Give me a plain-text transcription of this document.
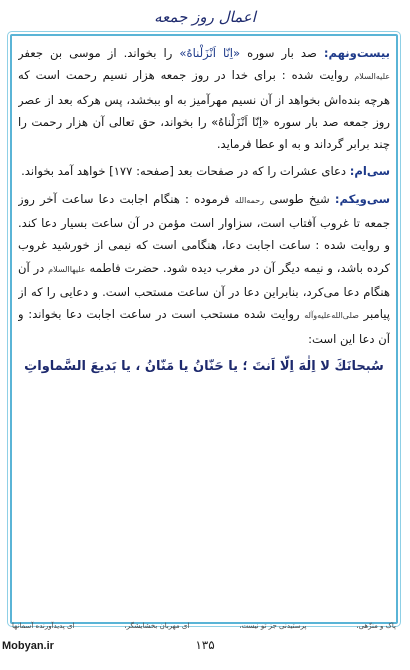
اعمال روز جمعه

بیست‌ونهم: صد بار سوره «اِنّا اَنْزَلْناهُ» را بخواند. از موسی بن جعفر عليه‌السلام روایت شده : برای خدا در روز جمعه هزار نسیم رحمت است که هرچه بنده‌اش بخواهد از آن نسیم مهرآمیز به او ببخشد، پس هرکه بعد از عصر روز جمعه صد بار سوره «اِنّا اَنْزَلْناهُ» را بخواند، حق تعالی آن هزار رحمت را چند برابر گرداند و به او عطا فرماید.

سی‌ام: دعای عشرات را که در صفحات بعد [صفحه: ۱۷۷] خواهد آمد بخواند.

سی‌ویکم: شیخ طوسی رحمه‌الله فرموده : هنگام اجابت دعا ساعت آخر روز جمعه تا غروب آفتاب است، سزاوار است مؤمن در آن ساعت بسیار دعا کند. و روایت شده : ساعت اجابت دعا، هنگامی است که نیمی از خورشید غروب کرده باشد، و نیمه دیگر آن در مغرب دیده شود. حضرت فاطمه عليها‌السلام در آن هنگام دعا می‌کرد، بنابراین دعا در آن ساعت مستحب است. و دعایی را که از پیامبر صلى‌الله‌عليه‌وآله روایت شده مستحب است در ساعت اجابت دعا بخواند: و آن دعا این است:

سُبحانَكَ لا اِلٰهَ اِلّا اَنتَ ؛ یا حَنّانُ یا مَنّانُ ، یا بَدیعَ السَّماواتِ
پاک و منزّهی،
پرستیدنی جز تو نیست،
ای مهربان بخشایشگر،
ای پدیدآورنده آسمانها
۱۳۵
Mobyan.ir
